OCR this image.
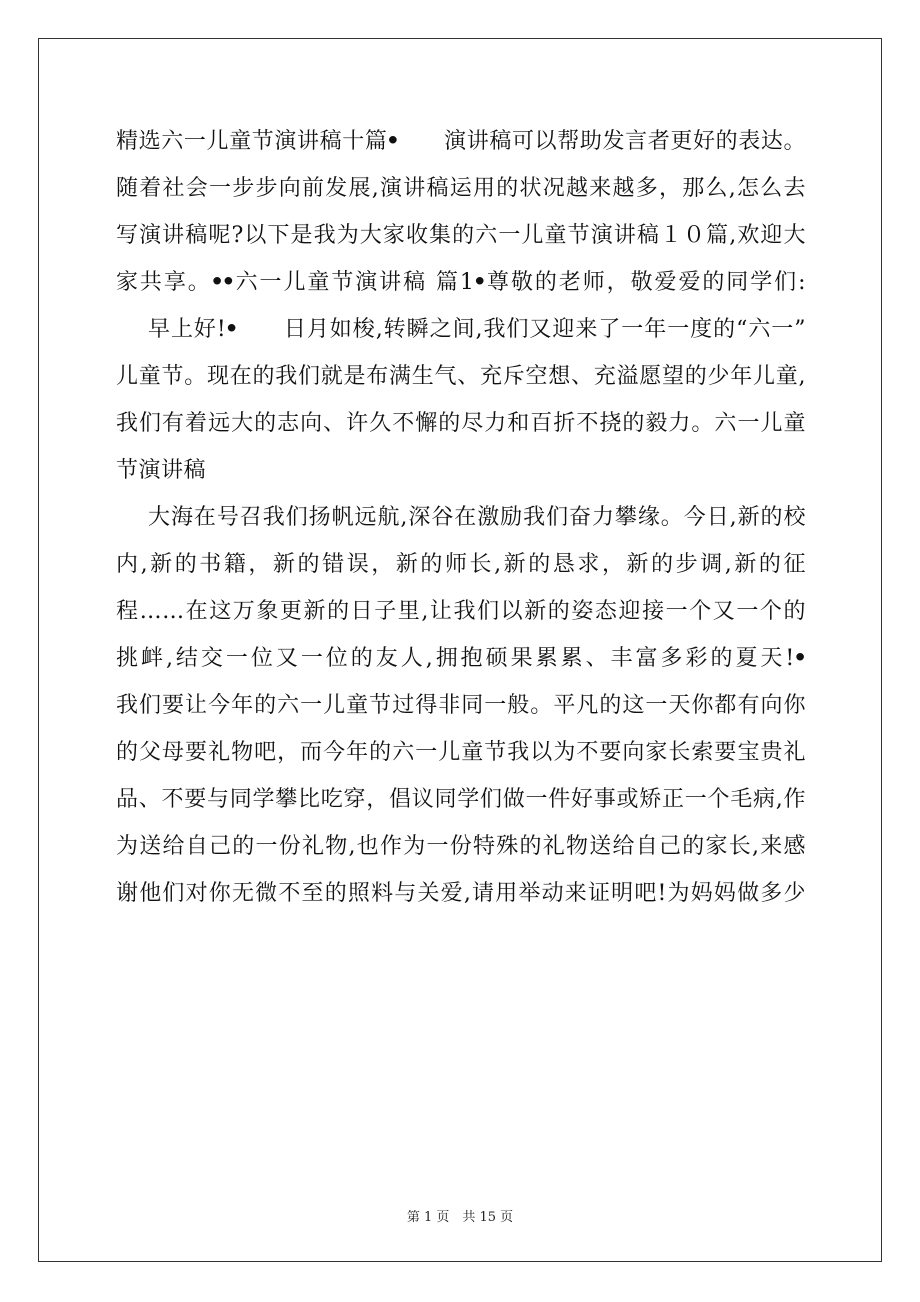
精选六一儿童节演讲稿十篇ꔷ　　演讲稿可以帮助发言者更好的表达。
随着社会一步步向前发展,演讲稿运用的状况越来越多，那么,怎么去
写演讲稿呢?以下是我为大家收集的六一儿童节演讲稿１０篇,欢迎大
家共享。ꔷꔷ六一儿童节演讲稿 篇1ꔷ尊敬的老师，敬爱爱的同学们:
早上好!ꔷ　　日月如梭,转瞬之间,我们又迎来了一年一度的“六一”
儿童节。现在的我们就是布满生气、充斥空想、充溢愿望的少年儿童,
我们有着远大的志向、许久不懈的尽力和百折不挠的毅力。六一儿童
节演讲稿
大海在号召我们扬帆远航,深谷在激励我们奋力攀缘。今日,新的校
内,新的书籍，新的错误，新的师长,新的恳求，新的步调,新的征
程……在这万象更新的日子里,让我们以新的姿态迎接一个又一个的
挑衅,结交一位又一位的友人,拥抱硕果累累、丰富多彩的夏天!ꔷ
我们要让今年的六一儿童节过得非同一般。平凡的这一天你都有向你
的父母要礼物吧，而今年的六一儿童节我以为不要向家长索要宝贵礼
品、不要与同学攀比吃穿，倡议同学们做一件好事或矫正一个毛病,作
为送给自己的一份礼物,也作为一份特殊的礼物送给自己的家长,来感
谢他们对你无微不至的照料与关爱,请用举动来证明吧!为妈妈做多少
第 1 页　共 15 页
